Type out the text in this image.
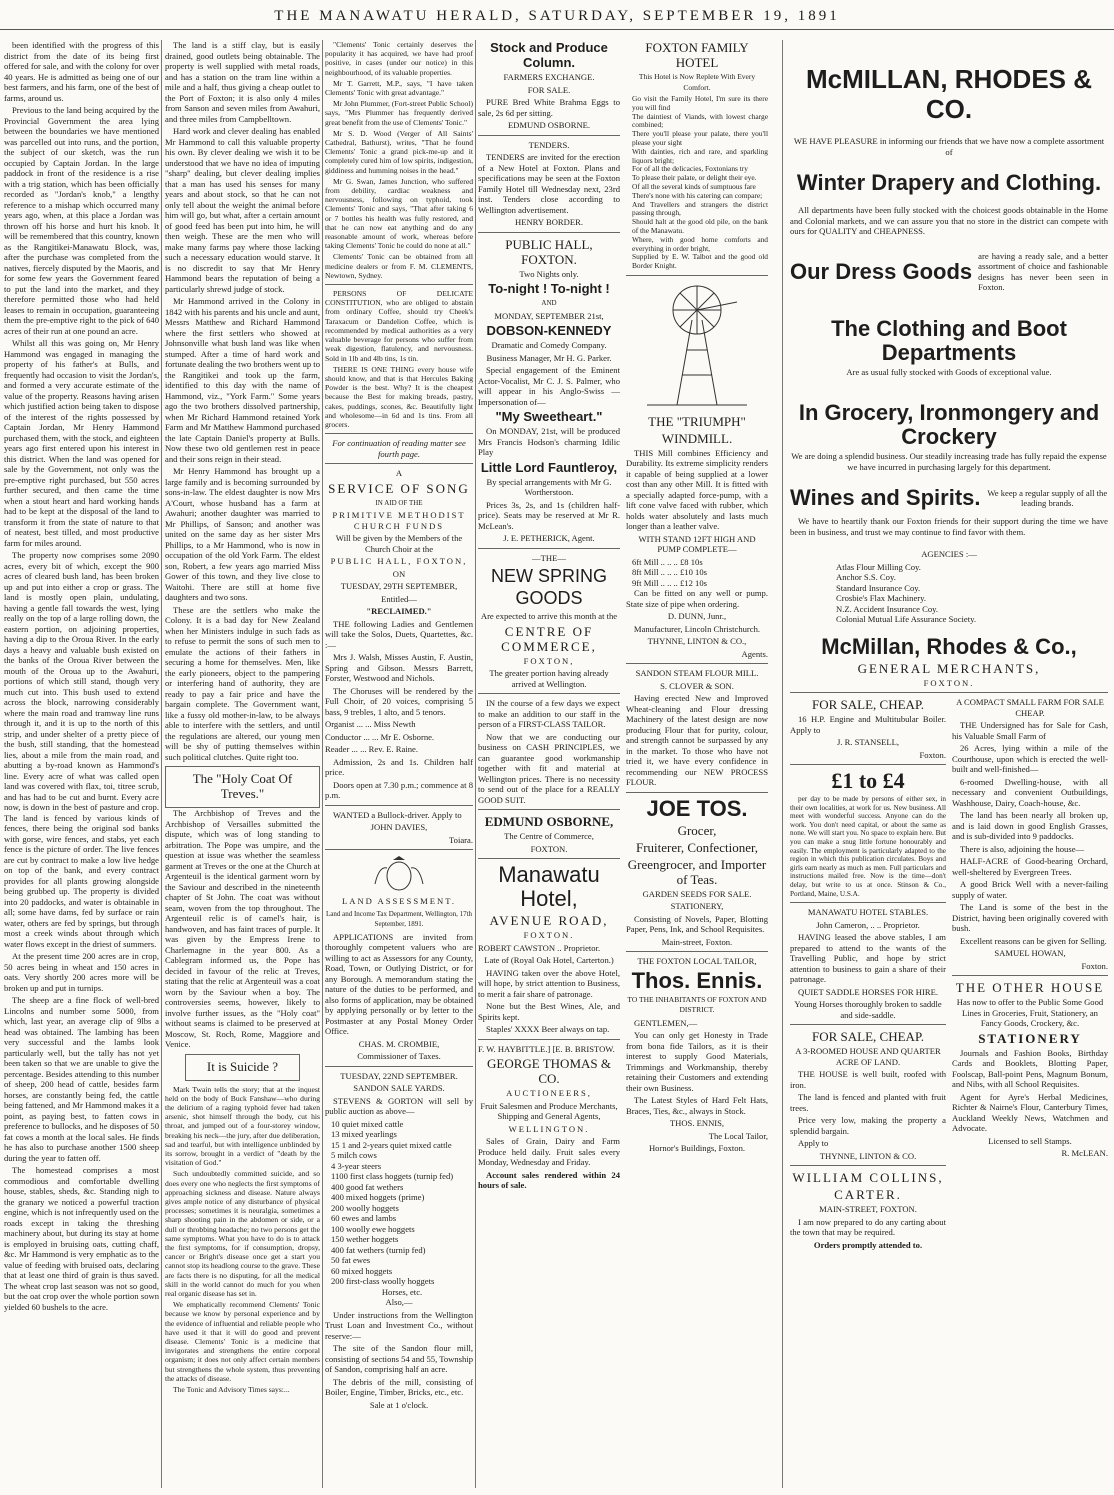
THE MANAWATU HERALD, SATURDAY, SEPTEMBER 19, 1891

been identified with the progress of this district from the date of its being first offered for sale, and with the colony for over 40 years. He is admitted as being one of our best farmers, and his farm, one of the best of farms, around us.

Previous to the land being acquired by the Provincial Government the area lying between the boundaries we have mentioned was parcelled out into runs, and the portion, the subject of our sketch, was the run occupied by Captain Jordan. In the large paddock in front of the residence is a rise with a trig station, which has been officially recorded as "Jordan's knob," a lengthy reference to a mishap which occurred many years ago, when, at this place a Jordan was thrown off his horse and hurt his knob. It will be remembered that this country, known as the Rangitikei-Manawatu Block, was, after the purchase was completed from the natives, fiercely disputed by the Maoris, and for some few years the Government feared to put the land into the market, and they therefore permitted those who had held leases to remain in occupation, guaranteeing them the pre-emptive right to the pick of 640 acres of their run at one pound an acre.

Whilst all this was going on, Mr Henry Hammond was engaged in managing the property of his father's at Bulls, and frequently had occasion to visit the Jordan's, and formed a very accurate estimate of the value of the property. Reasons having arisen which justified action being taken to dispose of the interest of the rights possessed by Captain Jordan, Mr Henry Hammond purchased them, with the stock, and eighteen years ago first entered upon his interest in this district. When the land was opened for sale by the Government, not only was the pre-emptive right purchased, but 550 acres further secured, and then came the time when a stout heart and hard working hands had to be kept at the disposal of the land to transform it from the state of nature to that of neatest, best tilled, and most productive farm for miles around.

The property now comprises some 2090 acres, every bit of which, except the 900 acres of cleared bush land, has been broken up and put into either a crop or grass. The land is mostly open plain, undulating, having a gentle fall towards the west, lying really on the top of a large rolling down, the eastern portion, on adjoining properties, having a dip to the Oroua River. In the early days a heavy and valuable bush existed on the banks of the Oroua River between the mouth of the Oroua up to the Awahuri, portions of which still stand, though very much cut into. This bush used to extend across the block, narrowing considerably where the main road and tramway line runs through it, and it is up to the north of this strip, and under shelter of a pretty piece of the bush, still standing, that the homestead lies, about a mile from the main road, and abutting a by-road known as Hammond's line. Every acre of what was called open land was covered with flax, toi, titree scrub, and has had to be cut and burnt. Every acre now, is down in the best of pasture and crop. The land is fenced by various kinds of fences, there being the original sod banks with gorse, wire fences, and stabs, yet each fence is the picture of order. The live fences are cut by contract to make a low live hedge on top of the bank, and every contract provides for all plants growing alongside being grubbed up. The property is divided into 20 paddocks, and water is obtainable in all; some have dams, fed by surface or rain water, others are fed by springs, but through most a creek winds about through which water flows except in the driest of summers.

At the present time 200 acres are in crop, 50 acres being in wheat and 150 acres in oats. Very shortly 200 acres more will be broken up and put in turnips.

The sheep are a fine flock of well-bred Lincolns and number some 5000, from which, last year, an average clip of 9lbs a head was obtained. The lambing has been very successful and the lambs look particularly well, but the tally has not yet been taken so that we are unable to give the percentage. Besides attending to this number of sheep, 200 head of cattle, besides farm horses, are constantly being fed, the cattle being fattened, and Mr Hammond makes it a point, as paying best, to fatten cows in preference to bullocks, and he disposes of 50 fat cows a month at the local sales. He finds he has also to purchase another 1500 sheep during the year to fatten off.

The homestead comprises a most commodious and comfortable dwelling house, stables, sheds, &c. Standing nigh to the granary we noticed a powerful traction engine, which is not infrequently used on the roads except in taking the threshing machinery about, but during its stay at home is employed in bruising oats, cutting chaff, &c. Mr Hammond is very emphatic as to the value of feeding with bruised oats, declaring that at least one third of grain is thus saved. The wheat crop last season was not so good, but the oat crop over the whole portion sown yielded 60 bushels to the acre.

The land is a stiff clay, but is easily drained, good outlets being obtainable. The property is well supplied with metal roads, and has a station on the tram line within a mile and a half, thus giving a cheap outlet to the Port of Foxton; it is also only 4 miles from Sanson and seven miles from Awahuri, and three miles from Campbelltown.

Hard work and clever dealing has enabled Mr Hammond to call this valuable property his own. By clever dealing we wish it to be understood that we have no idea of imputing "sharp" dealing, but clever dealing implies that a man has used his senses for many years and about stock, so that he can not only tell about the weight the animal before him will go, but what, after a certain amount of good feed has been put into him, he will then weigh. These are the men who will make many farms pay where those lacking such a necessary education would starve. It is no discredit to say that Mr Henry Hammond bears the reputation of being a particularly shrewd judge of stock.

Mr Hammond arrived in the Colony in 1842 with his parents and his uncle and aunt, Messrs Matthew and Richard Hammond where the first settlers who showed at Johnsonville what bush land was like when stumped. After a time of hard work and fortunate dealing the two brothers went up to the Rangitikei and took up the farm, identified to this day with the name of Hammond, viz., "York Farm." Some years ago the two brothers dissolved partnership, when Mr Richard Hammond retained York Farm and Mr Matthew Hammond purchased the late Captain Daniel's property at Bulls. Now these two old gentlemen rest in peace and their sons reign in their stead.

Mr Henry Hammond has brought up a large family and is becoming surrounded by sons-in-law. The eldest daughter is now Mrs A'Court, whose husband has a farm at Awahuri; another daughter was married to Mr Phillips, of Sanson; and another was united on the same day as her sister Mrs Phillips, to a Mr Hammond, who is now in occupation of the old York Farm. The eldest son, Robert, a few years ago married Miss Gower of this town, and they live close to Waitohi. There are still at home five daughters and two sons.

These are the settlers who make the Colony. It is a bad day for New Zealand when her Ministers indulge in such fads as to refuse to permit the sons of such men to emulate the actions of their fathers in securing a home for themselves. Men, like the early pioneers, object to the pampering or interfering hand of authority, they are ready to pay a fair price and have the bargain complete. The Government want, like a fussy old mother-in-law, to be always able to interfere with the settlers, and until the regulations are altered, our young men will be shy of putting themselves within such political clutches. Quite right too.

The "Holy Coat Of Treves."

The Archbishop of Treves and the Archbishop of Versailles submitted the dispute, which was of long standing to arbitration. The Pope was umpire, and the question at issue was whether the seamless garment at Treves or the one at the Church at Argenteuil is the identical garment worn by the Saviour and described in the nineteenth chapter of St John. The coat was without seam, woven from the top throughout. The Argenteuil relic is of camel's hair, is handwoven, and has faint traces of purple. It was given by the Empress Irene to Charlemagne in the year 800. As a Cablegram informed us, the Pope has decided in favour of the relic at Treves, stating that the relic at Argenteuil was a coat worn by the Saviour when a boy. The controversies seems, however, likely to involve further issues, as the "Holy coat" without seams is claimed to be preserved at Moscow, St. Roch, Rome, Maggiore and Venice.

It is Suicide ?

Mark Twain tells the story; that at the inquest held on the body of Buck Fanshaw—who during the delirium of a raging typhoid fever had taken arsenic, shot himself through the body, cut his throat, and jumped out of a four-storey window, breaking his neck—the jury, after due deliberation, sad and tearful, but with intelligence unblinded by its sorrow, brought in a verdict of "death by the visitation of God."

Such undoubtedly committed suicide, and so does every one who neglects the first symptoms of approaching sickness and disease. Nature always gives ample notice of any disturbance of physical processes; sometimes it is neuralgia, sometimes a sharp shooting pain in the abdomen or side, or a dull or throbbing headache; no two persons get the same symptoms. What you have to do is to attack the first symptoms, for if consumption, dropsy, cancer or Bright's disease once get a start you cannot stop its headlong course to the grave. These are facts there is no disputing, for all the medical skill in the world cannot do much for you when real organic disease has set in.

We emphatically recommend Clements' Tonic because we know by personal experience and by the evidence of influential and reliable people who have used it that it will do good and prevent disease. Clements' Tonic is a medicine that invigorates and strengthens the entire corporal organism; it does not only affect certain members but strengthens the whole system, thus preventing the attacks of disease.

The Tonic and Advisory Times says:...

"Clements' Tonic certainly deserves the popularity it has acquired, we have had proof positive, in cases (under our notice) in this neighbourhood, of its valuable properties.

Mr T. Garrett, M.P., says, "I have taken Clements' Tonic with great advantage."

Mr John Plummer, (Fort-street Public School) says, "Mrs Plummer has frequently derived great benefit from the use of Clements' Tonic."

Mr S. D. Wood (Verger of All Saints' Cathedral, Bathurst), writes, "That he found Clements' Tonic a grand pick-me-up and it completely cured him of low spirits, indigestion, giddiness and humming noises in the head."

Mr G. Swan, James Junction, who suffered from debility, cardiac weakness and nervousness, following on typhoid, took Clements' Tonic and says, "That after taking 6 or 7 bottles his health was fully restored, and that he can now eat anything and do any reasonable amount of work, whereas before taking Clements' Tonic he could do none at all."

Clements' Tonic can be obtained from all medicine dealers or from F. M. CLEMENTS, Newtown, Sydney.

PERSONS OF DELICATE CONSTITUTION, who are obliged to abstain from ordinary Coffee, should try Cheek's Taraxacum or Dandelion Coffee, which is recommended by medical authorities as a very valuable beverage for persons who suffer from weak digestion, flatulency, and nervousness. Sold in 1lb and 4lb tins, 1s tin.

THERE IS ONE THING every house wife should know, and that is that Hercules Baking Powder is the best. Why? It is the cheapest because the Best for making breads, pastry, cakes, puddings, scones, &c. Beautifully light and wholesome—in 6d and 1s tins. From all grocers.

For continuation of reading matter see fourth page.

A

SERVICE OF SONG

IN AID OF THE

PRIMITIVE METHODIST CHURCH FUNDS

Will be given by the Members of the Church Choir at the

PUBLIC HALL, FOXTON,

ON

TUESDAY, 29TH SEPTEMBER,

Entitled—

"RECLAIMED."

THE following Ladies and Gentlemen will take the Solos, Duets, Quartettes, &c. :—

Mrs J. Walsh, Misses Austin, F. Austin, Spring and Gibson. Messrs Barrett, Forster, Westwood and Nichols.

The Choruses will be rendered by the Full Choir, of 20 voices, comprising 5 bass, 9 trebles, 1 alto, and 5 tenors.

Organist ... ... Miss Newth

Conductor ... ... Mr E. Osborne.

Reader ... ... Rev. E. Raine.

Admission, 2s and 1s. Children half price.

Doors open at 7.30 p.m.; commence at 8 p.m.

WANTED a Bullock-driver. Apply to

JOHN DAVIES,

Toiara.

LAND ASSESSMENT.

Land and Income Tax Department, Wellington, 17th September, 1891.

APPLICATIONS are invited from thoroughly competent valuers who are willing to act as Assessors for any County, Road, Town, or Outlying District, or for any Borough. A memorandum stating the nature of the duties to be performed, and also forms of application, may be obtained by applying personally or by letter to the Postmaster at any Postal Money Order Office.

CHAS. M. CROMBIE,

Commissioner of Taxes.

TUESDAY, 22ND SEPTEMBER.

SANDON SALE YARDS.

STEVENS & GORTON will sell by public auction as above—

10 quiet mixed cattle
13 mixed yearlings
15 1 and 2-years quiet mixed cattle
5 milch cows
4 3-year steers
1100 first class hoggets (turnip fed)
400 good fat wethers
400 mixed hoggets (prime)
200 woolly hoggets
60 ewes and lambs
100 woolly ewe hoggets
150 wether hoggets
400 fat wethers (turnip fed)
50 fat ewes
60 mixed hoggets
200 first-class woolly hoggets
Horses, etc.

Also,—

Under instructions from the Wellington Trust Loan and Investment Co., without reserve:—

The site of the Sandon flour mill, consisting of sections 54 and 55, Township of Sandon, comprising half an acre.

The debris of the mill, consisting of Boiler, Engine, Timber, Bricks, etc., etc.

Sale at 1 o'clock.

Stock and Produce Column.

FARMERS EXCHANGE.

FOR SALE.

PURE Bred White Brahma Eggs to sale, 2s 6d per sitting.

EDMUND OSBORNE.

TENDERS.

TENDERS are invited for the erection of a New Hotel at Foxton. Plans and specifications may be seen at the Foxton Family Hotel till Wednesday next, 23rd inst. Tenders close according to Wellington advertisement.

HENRY BORDER.

PUBLIC HALL, FOXTON.

Two Nights only.

To-night ! To-night !

AND

MONDAY, SEPTEMBER 21st,

DOBSON-KENNEDY

Dramatic and Comedy Company.

Business Manager, Mr H. G. Parker.

Special engagement of the Eminent Actor-Vocalist, Mr C. J. S. Palmer, who will appear in his Anglo-Swiss —Impersonation of—

"My Sweetheart."

On MONDAY, 21st, will be produced Mrs Francis Hodson's charming Idilic Play

Little Lord Fauntleroy,

By special arrangements with Mr G. Wortherstoon.

Prices 3s, 2s, and 1s (children half-price). Seats may be reserved at Mr R. McLean's.

J. E. PETHERICK, Agent.

—THE—

NEW SPRING GOODS

Are expected to arrive this month at the

CENTRE OF COMMERCE,

FOXTON,

The greater portion having already arrived at Wellington.

IN the course of a few days we expect to make an addition to our staff in the person of a FIRST-CLASS TAILOR.

Now that we are conducting our business on CASH PRINCIPLES, we can guarantee good workmanship together with fit and material at Wellington prices. There is no necessity to send out of the place for a REALLY GOOD SUIT.

EDMUND OSBORNE,

The Centre of Commerce,

FOXTON.

Manawatu Hotel,

AVENUE ROAD,

FOXTON.

ROBERT CAWSTON .. Proprietor.

Late of (Royal Oak Hotel, Carterton.)

HAVING taken over the above Hotel, will hope, by strict attention to Business, to merit a fair share of patronage.

None but the Best Wines, Ale, and Spirits kept.

Staples' XXXX Beer always on tap.

F. W. HAYBITTLE.] [E. B. BRISTOW.

GEORGE THOMAS & CO.

AUCTIONEERS,

Fruit Salesmen and Produce Merchants, Shipping and General Agents,

WELLINGTON.

Sales of Grain, Dairy and Farm Produce held daily. Fruit sales every Monday, Wednesday and Friday.

Account sales rendered within 24 hours of sale.

FOXTON FAMILY HOTEL

This Hotel is Now Replete With Every Comfort.

Go visit the Family Hotel, I'm sure its there you will find
The daintiest of Viands, with lowest charge combined;
There you'll please your palate, there you'll please your sight
With dainties, rich and rare, and sparkling liquors bright;
For of all the delicacies, Foxtonians try
To please their palate, or delight their eye.
Of all the several kinds of sumptuous fare
There's none with his catering can compare;
And Travellers and strangers the district passing through,
Should halt at the good old pile, on the bank of the Manawatu.
Where, with good home comforts and everything in order bright,
Supplied by E. W. Talbot and the good old Border Knight.

THE "TRIUMPH"

WINDMILL.

THIS Mill combines Efficiency and Durability. Its extreme simplicity renders it capable of being supplied at a lower cost than any other Mill. It is fitted with a specially adapted force-pump, with a lift cone valve faced with rubber, which holds water absolutely and lasts much longer than a leather valve.

WITH STAND 12FT HIGH AND PUMP COMPLETE—

6ft Mill .. .. .. £8 10s
8ft Mill .. .. .. £10 10s
9ft Mill .. .. .. £12 10s

Can be fitted on any well or pump. State size of pipe when ordering.

D. DUNN, Junr.,

Manufacturer, Lincoln Christchurch.

THYNNE, LINTON & CO.,

Agents.

SANDON STEAM FLOUR MILL.

S. CLOVER & SON.

Having erected New and Improved Wheat-cleaning and Flour dressing Machinery of the latest design are now producing Flour that for purity, colour, and strength cannot be surpassed by any in the market. To those who have not tried it, we have every confidence in recommending our NEW PROCESS FLOUR.

JOE TOS.

Grocer,

Fruiterer, Confectioner,

Greengrocer, and Importer of Teas.

GARDEN SEEDS FOR SALE.

STATIONERY,

Consisting of Novels, Paper, Blotting Paper, Pens, Ink, and School Requisites.

Main-street, Foxton.

THE FOXTON LOCAL TAILOR,

Thos. Ennis.

TO THE INHABITANTS OF FOXTON AND DISTRICT.

GENTLEMEN,—

You can only get Honesty in Trade from bona fide Tailors, as it is their interest to supply Good Materials, Trimmings and Workmanship, thereby retaining their Customers and extending their own Business.

The Latest Styles of Hard Felt Hats, Braces, Ties, &c., always in Stock.

THOS. ENNIS,

The Local Tailor,

Hornor's Buildings, Foxton.

McMILLAN, RHODES & CO.

WE HAVE PLEASURE in informing our friends that we have now a complete assortment of

Winter Drapery and Clothing.

All departments have been fully stocked with the choicest goods obtainable in the Home and Colonial markets, and we can assure you that no store in the district can compete with ours for QUALITY and CHEAPNESS.

Our Dress Goods
are having a ready sale, and a better assortment of choice and fashionable designs has never been seen in Foxton.

The Clothing and Boot Departments

Are as usual fully stocked with Goods of exceptional value.

In Grocery, Ironmongery and Crockery

We are doing a splendid business. Our steadily increasing trade has fully repaid the expense we have incurred in purchasing largely for this department.

Wines and Spirits. We keep a regular supply of all the leading brands.

We have to heartily thank our Foxton friends for their support during the time we have been in business, and trust we may continue to find favor with them.

AGENCIES :—

Atlas Flour Milling Coy.
Anchor S.S. Coy.
Standard Insurance Coy.
Crosbie's Flax Machinery.
N.Z. Accident Insurance Coy.
Colonial Mutual Life Assurance Society.

McMillan, Rhodes & Co.,

GENERAL MERCHANTS,

FOXTON.

FOR SALE, CHEAP.

16 H.P. Engine and Multitubular Boiler. Apply to

J. R. STANSELL,

Foxton.

£1 to £4

per day to be made by persons of either sex, in their own localities, at work for us. New business. All meet with wonderful success. Anyone can do the work. You don't need capital, or about the same as none. We will start you. No space to explain here. But you can make a snug little fortune honourably and easily. The employment is particularly adapted to the region in which this publication circulates. Boys and girls earn nearly as much as men. Full particulars and instructions mailed free. Now is the time—don't delay, but write to us at once. Stinson & Co., Portland, Maine, U.S.A.

MANAWATU HOTEL STABLES.

John Cameron, .. .. Proprietor.

HAVING leased the above stables, I am prepared to attend to the wants of the Travelling Public, and hope by strict attention to business to gain a share of their patronage.

QUIET SADDLE HORSES FOR HIRE.

Young Horses thoroughly broken to saddle and side-saddle.

FOR SALE, CHEAP.

A 3-ROOMED HOUSE AND QUARTER ACRE OF LAND.

THE HOUSE is well built, roofed with iron.

The land is fenced and planted with fruit trees.

Price very low, making the property a splendid bargain.

Apply to

THYNNE, LINTON & CO.

WILLIAM COLLINS,

CARTER.

MAIN-STREET, FOXTON.

I am now prepared to do any carting about the town that may be required.

Orders promptly attended to.

A COMPACT SMALL FARM FOR SALE CHEAP.

THE Undersigned has for Sale for Cash, his Valuable Small Farm of

26 Acres, lying within a mile of the Courthouse, upon which is erected the well-built and well-finished—

6-roomed Dwelling-house, with all necessary and convenient Outbuildings, Washhouse, Dairy, Coach-house, &c.

The land has been nearly all broken up, and is laid down in good English Grasses, and is sub-divided into 9 paddocks.

There is also, adjoining the house—

HALF-ACRE of Good-bearing Orchard, well-sheltered by Evergreen Trees.

A good Brick Well with a never-failing supply of water.

The Land is some of the best in the District, having been originally covered with bush.

Excellent reasons can be given for Selling.

SAMUEL HOWAN,

Foxton.

THE OTHER HOUSE

Has now to offer to the Public Some Good Lines in Groceries, Fruit, Stationery, an Fancy Goods, Crockery, &c.

STATIONERY

Journals and Fashion Books, Birthday Cards and Booklets, Blotting Paper, Foolscap, Ball-point Pens, Magnum Bonum, and Nibs, with all School Requisites.

Agent for Ayre's Herbal Medicines, Richter & Nairne's Flour, Canterbury Times, Auckland Weekly News, Watchmen and Advocate.

Licensed to sell Stamps.

R. McLEAN.
